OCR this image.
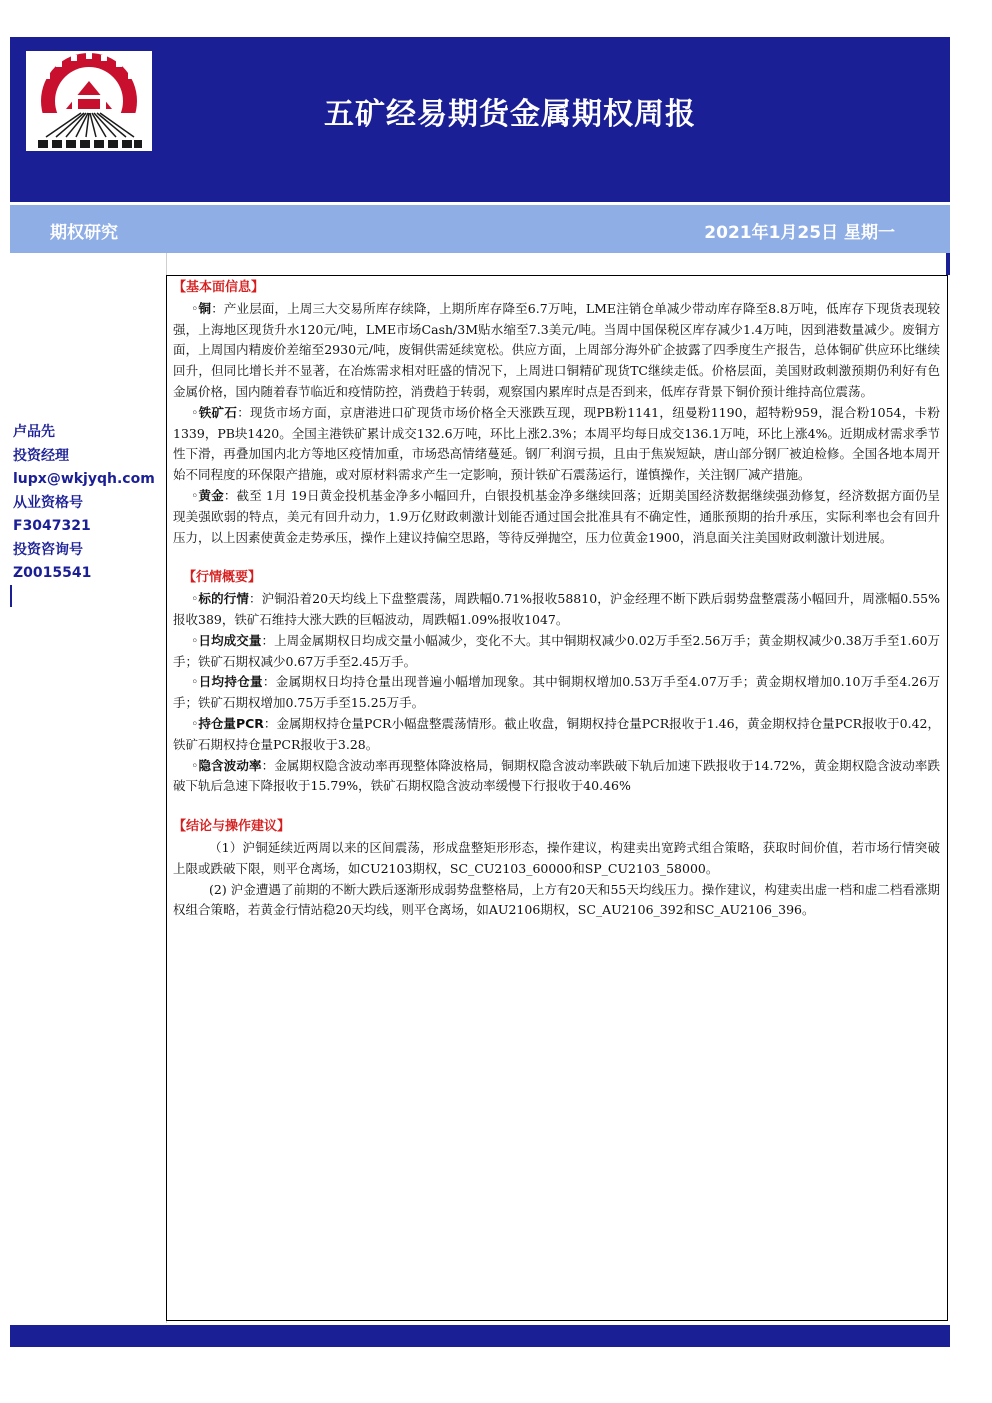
五矿经易期货金属期权周报
期权研究	2021年1月25日 星期一
卢品先
投资经理
lupx@wkjyqh.com
从业资格号
F3047321
投资咨询号
Z0015541
【基本面信息】

◦铜：产业层面，上周三大交易所库存续降，上期所库存降至6.7万吨，LME注销仓单减少带动库存降至8.8万吨，低库存下现货表现较强，上海地区现货升水120元/吨，LME市场Cash/3M贴水缩至7.3美元/吨。当周中国保税区库存减少1.4万吨，因到港数量减少。废铜方面，上周国内精废价差缩至2930元/吨，废铜供需延续宽松。供应方面，上周部分海外矿企披露了四季度生产报告，总体铜矿供应环比继续回升，但同比增长并不显著，在冶炼需求相对旺盛的情况下，上周进口铜精矿现货TC继续走低。价格层面，美国财政刺激预期仍利好有色金属价格，国内随着春节临近和疫情防控，消费趋于转弱，观察国内累库时点是否到来，低库存背景下铜价预计维持高位震荡。

◦铁矿石：现货市场方面，京唐港进口矿现货市场价格全天涨跌互现，现PB粉1141，纽曼粉1190，超特粉959，混合粉1054，卡粉1339，PB块1420。全国主港铁矿累计成交132.6万吨，环比上涨2.3%；本周平均每日成交136.1万吨，环比上涨4%。近期成材需求季节性下滑，再叠加国内北方等地区疫情加重，市场恐高情绪蔓延。钢厂利润亏损，且由于焦炭短缺，唐山部分钢厂被迫检修。全国各地本周开始不同程度的环保限产措施，或对原材料需求产生一定影响，预计铁矿石震荡运行，谨慎操作，关注钢厂减产措施。

◦黄金：截至 1月 19日黄金投机基金净多小幅回升，白银投机基金净多继续回落；近期美国经济数据继续强劲修复，经济数据方面仍呈现美强欧弱的特点，美元有回升动力，1.9万亿财政刺激计划能否通过国会批准具有不确定性，通胀预期的抬升承压，实际利率也会有回升压力，以上因素使黄金走势承压，操作上建议持偏空思路，等待反弹抛空，压力位黄金1900，消息面关注美国财政刺激计划进展。

【行情概要】

◦标的行情：沪铜沿着20天均线上下盘整震荡，周跌幅0.71%报收58810，沪金经理不断下跌后弱势盘整震荡小幅回升，周涨幅0.55%报收389，铁矿石维持大涨大跌的巨幅波动，周跌幅1.09%报收1047。

◦日均成交量：上周金属期权日均成交量小幅减少，变化不大。其中铜期权减少0.02万手至2.56万手；黄金期权减少0.38万手至1.60万手；铁矿石期权减少0.67万手至2.45万手。

◦日均持仓量：金属期权日均持仓量出现普遍小幅增加现象。其中铜期权增加0.53万手至4.07万手；黄金期权增加0.10万手至4.26万手；铁矿石期权增加0.75万手至15.25万手。

◦持仓量PCR：金属期权持仓量PCR小幅盘整震荡情形。截止收盘，铜期权持仓量PCR报收于1.46，黄金期权持仓量PCR报收于0.42，铁矿石期权持仓量PCR报收于3.28。

◦隐含波动率：金属期权隐含波动率再现整体降波格局，铜期权隐含波动率跌破下轨后加速下跌报收于14.72%，黄金期权隐含波动率跌破下轨后急速下降报收于15.79%，铁矿石期权隐含波动率缓慢下行报收于40.46%

【结论与操作建议】

（1）沪铜延续近两周以来的区间震荡，形成盘整矩形形态，操作建议，构建卖出宽跨式组合策略，获取时间价值，若市场行情突破上限或跌破下限，则平仓离场，如CU2103期权，SC_CU2103_60000和SP_CU2103_58000。

(2) 沪金遭遇了前期的不断大跌后逐渐形成弱势盘整格局，上方有20天和55天均线压力。操作建议，构建卖出虚一档和虚二档看涨期权组合策略，若黄金行情站稳20天均线，则平仓离场，如AU2106期权，SC_AU2106_392和SC_AU2106_396。
